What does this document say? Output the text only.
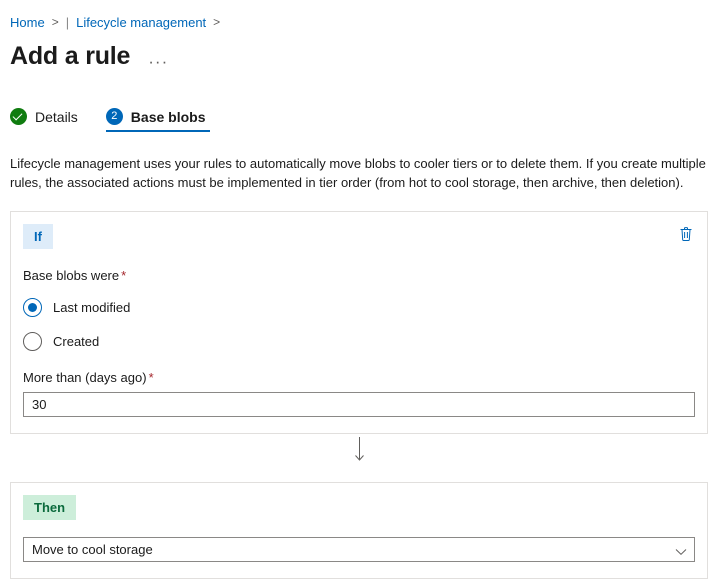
Home > | Lifecycle management >
Add a rule ···
Details	2 Base blobs
Lifecycle management uses your rules to automatically move blobs to cooler tiers or to delete them. If you create multiple rules, the associated actions must be implemented in tier order (from hot to cool storage, then archive, then deletion).
If
Base blobs were *
Last modified
Created
More than (days ago) *
30
Then
Move to cool storage
